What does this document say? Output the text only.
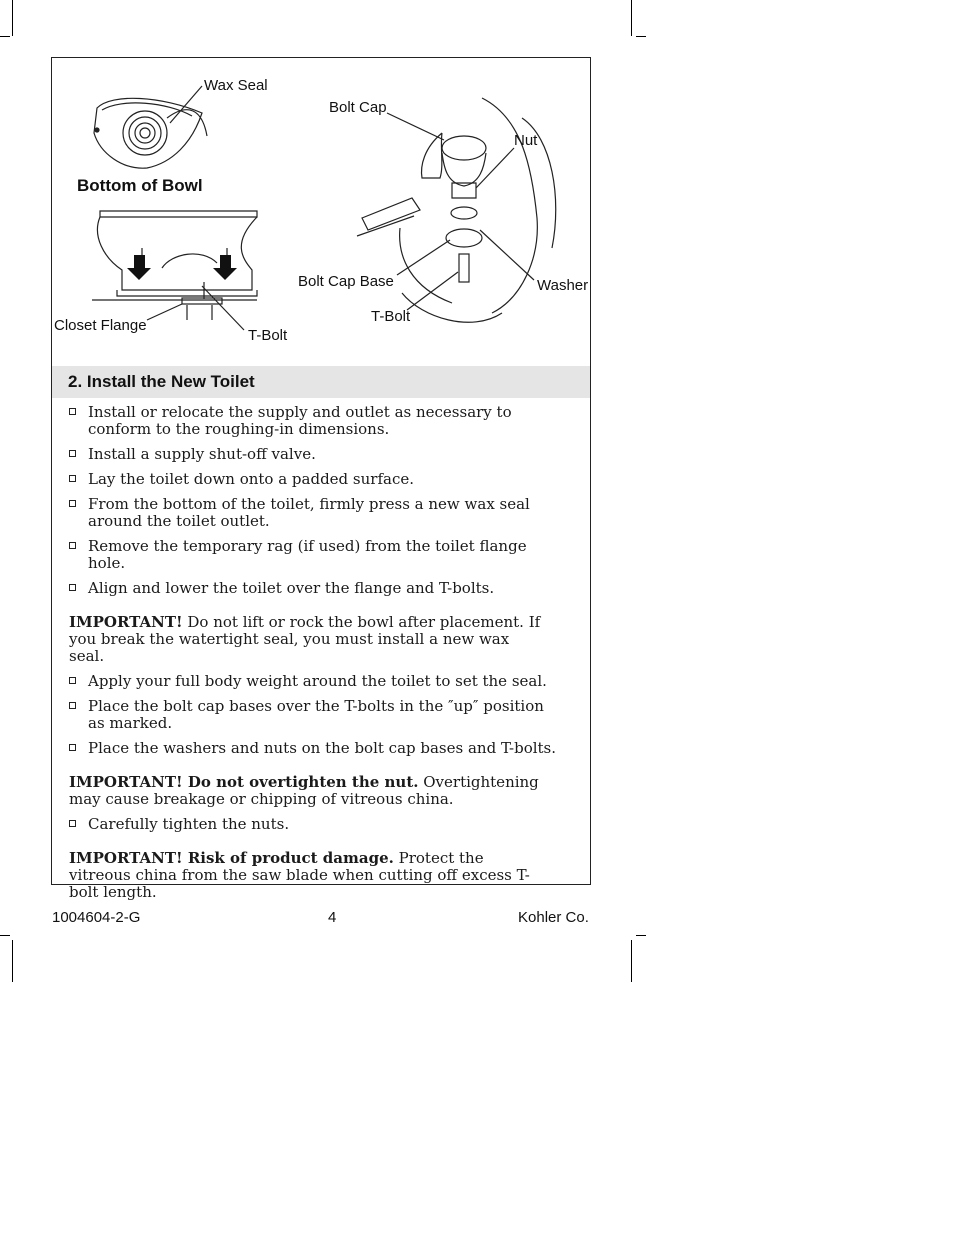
Wax Seal
Bottom of Bowl
Closet Flange
T-Bolt
Bolt Cap
Nut
Bolt Cap Base	Washer
T-Bolt
2. Install the New Toilet
Install or relocate the supply and outlet as necessary to conform to the roughing-in dimensions.
Install a supply shut-off valve.
Lay the toilet down onto a padded surface.
From the bottom of the toilet, firmly press a new wax seal around the toilet outlet.
Remove the temporary rag (if used) from the toilet flange hole.
Align and lower the toilet over the flange and T-bolts.
IMPORTANT! Do not lift or rock the bowl after placement. If you break the watertight seal, you must install a new wax seal.
Apply your full body weight around the toilet to set the seal.
Place the bolt cap bases over the T-bolts in the ″up″ position as marked.
Place the washers and nuts on the bolt cap bases and T-bolts.
IMPORTANT! Do not overtighten the nut. Overtightening may cause breakage or chipping of vitreous china.
Carefully tighten the nuts.
IMPORTANT! Risk of product damage. Protect the vitreous china from the saw blade when cutting off excess T-bolt length.
1004604-2-G	4	Kohler Co.
